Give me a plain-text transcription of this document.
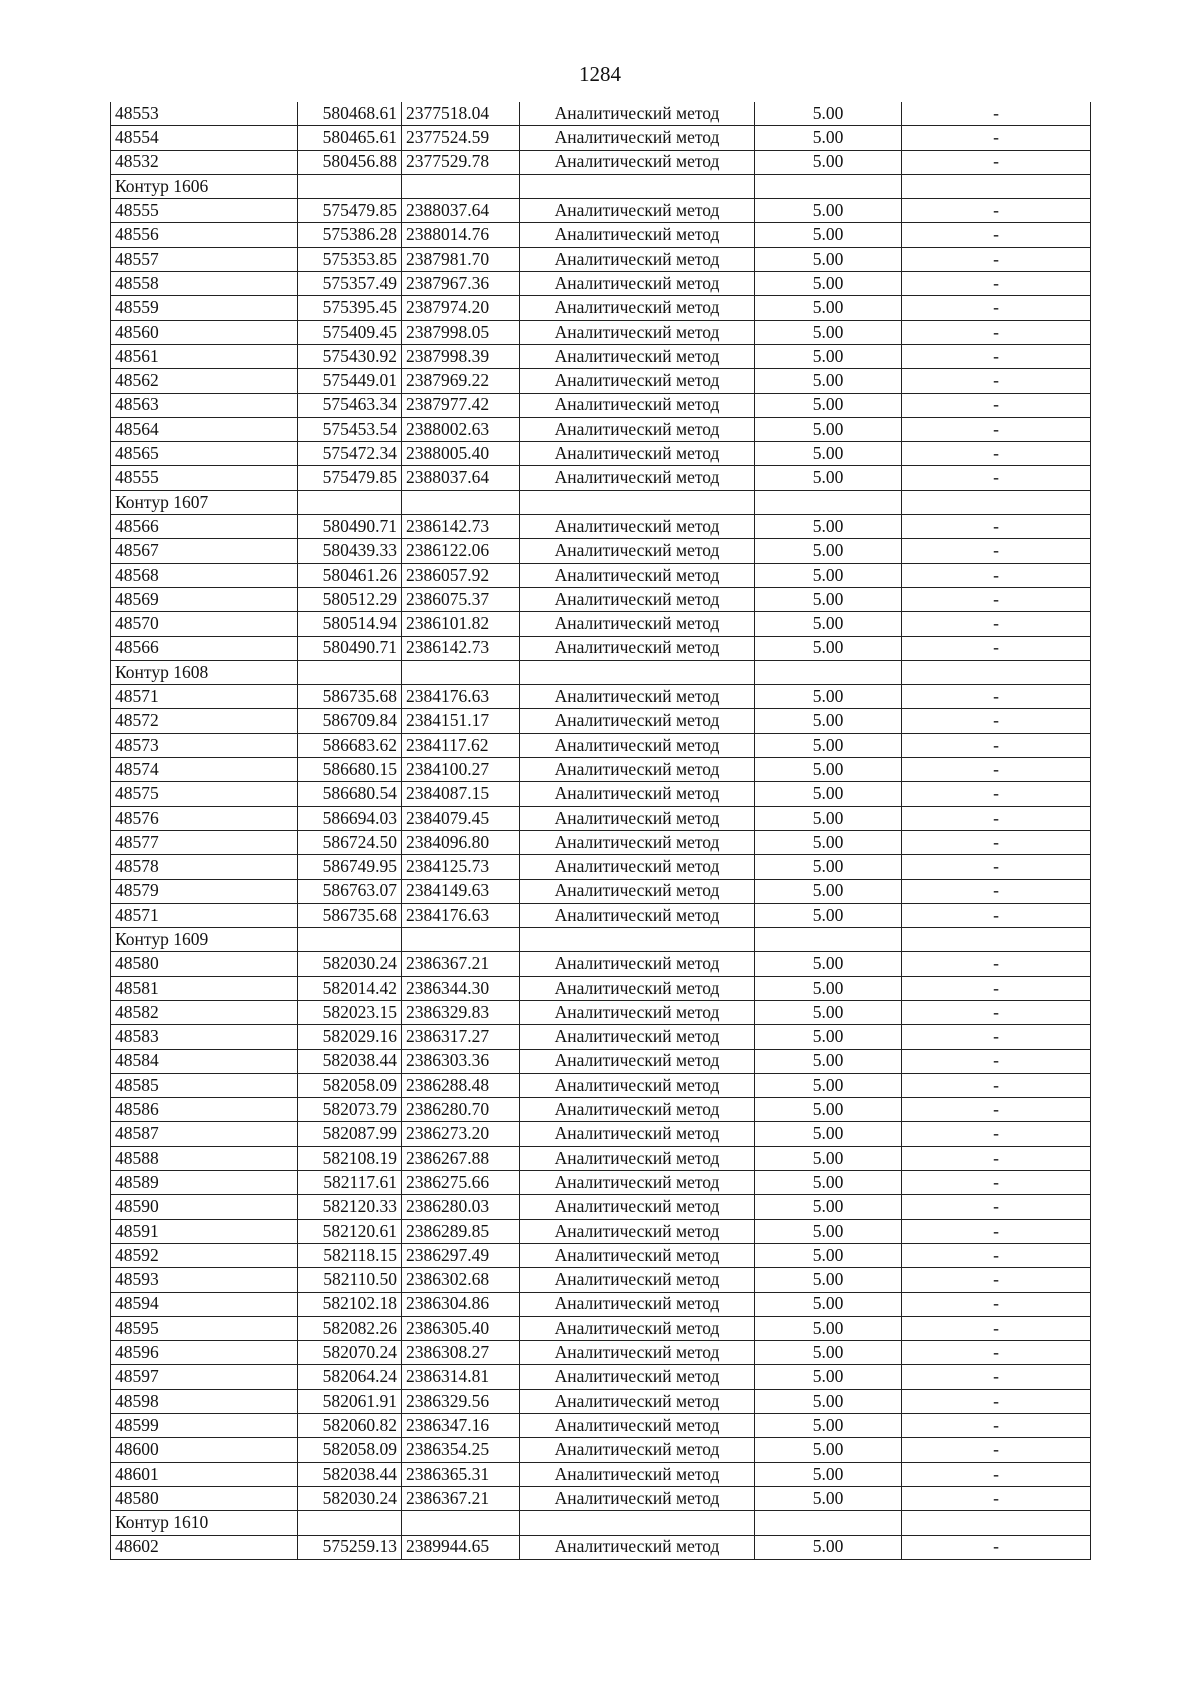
1284
48553	580468.61	2377518.04	Аналитический метод	5.00	-
48554	580465.61	2377524.59	Аналитический метод	5.00	-
48532	580456.88	2377529.78	Аналитический метод	5.00	-
Контур 1606					
48555	575479.85	2388037.64	Аналитический метод	5.00	-
48556	575386.28	2388014.76	Аналитический метод	5.00	-
48557	575353.85	2387981.70	Аналитический метод	5.00	-
48558	575357.49	2387967.36	Аналитический метод	5.00	-
48559	575395.45	2387974.20	Аналитический метод	5.00	-
48560	575409.45	2387998.05	Аналитический метод	5.00	-
48561	575430.92	2387998.39	Аналитический метод	5.00	-
48562	575449.01	2387969.22	Аналитический метод	5.00	-
48563	575463.34	2387977.42	Аналитический метод	5.00	-
48564	575453.54	2388002.63	Аналитический метод	5.00	-
48565	575472.34	2388005.40	Аналитический метод	5.00	-
48555	575479.85	2388037.64	Аналитический метод	5.00	-
Контур 1607					
48566	580490.71	2386142.73	Аналитический метод	5.00	-
48567	580439.33	2386122.06	Аналитический метод	5.00	-
48568	580461.26	2386057.92	Аналитический метод	5.00	-
48569	580512.29	2386075.37	Аналитический метод	5.00	-
48570	580514.94	2386101.82	Аналитический метод	5.00	-
48566	580490.71	2386142.73	Аналитический метод	5.00	-
Контур 1608					
48571	586735.68	2384176.63	Аналитический метод	5.00	-
48572	586709.84	2384151.17	Аналитический метод	5.00	-
48573	586683.62	2384117.62	Аналитический метод	5.00	-
48574	586680.15	2384100.27	Аналитический метод	5.00	-
48575	586680.54	2384087.15	Аналитический метод	5.00	-
48576	586694.03	2384079.45	Аналитический метод	5.00	-
48577	586724.50	2384096.80	Аналитический метод	5.00	-
48578	586749.95	2384125.73	Аналитический метод	5.00	-
48579	586763.07	2384149.63	Аналитический метод	5.00	-
48571	586735.68	2384176.63	Аналитический метод	5.00	-
Контур 1609					
48580	582030.24	2386367.21	Аналитический метод	5.00	-
48581	582014.42	2386344.30	Аналитический метод	5.00	-
48582	582023.15	2386329.83	Аналитический метод	5.00	-
48583	582029.16	2386317.27	Аналитический метод	5.00	-
48584	582038.44	2386303.36	Аналитический метод	5.00	-
48585	582058.09	2386288.48	Аналитический метод	5.00	-
48586	582073.79	2386280.70	Аналитический метод	5.00	-
48587	582087.99	2386273.20	Аналитический метод	5.00	-
48588	582108.19	2386267.88	Аналитический метод	5.00	-
48589	582117.61	2386275.66	Аналитический метод	5.00	-
48590	582120.33	2386280.03	Аналитический метод	5.00	-
48591	582120.61	2386289.85	Аналитический метод	5.00	-
48592	582118.15	2386297.49	Аналитический метод	5.00	-
48593	582110.50	2386302.68	Аналитический метод	5.00	-
48594	582102.18	2386304.86	Аналитический метод	5.00	-
48595	582082.26	2386305.40	Аналитический метод	5.00	-
48596	582070.24	2386308.27	Аналитический метод	5.00	-
48597	582064.24	2386314.81	Аналитический метод	5.00	-
48598	582061.91	2386329.56	Аналитический метод	5.00	-
48599	582060.82	2386347.16	Аналитический метод	5.00	-
48600	582058.09	2386354.25	Аналитический метод	5.00	-
48601	582038.44	2386365.31	Аналитический метод	5.00	-
48580	582030.24	2386367.21	Аналитический метод	5.00	-
Контур 1610					
48602	575259.13	2389944.65	Аналитический метод	5.00	-
